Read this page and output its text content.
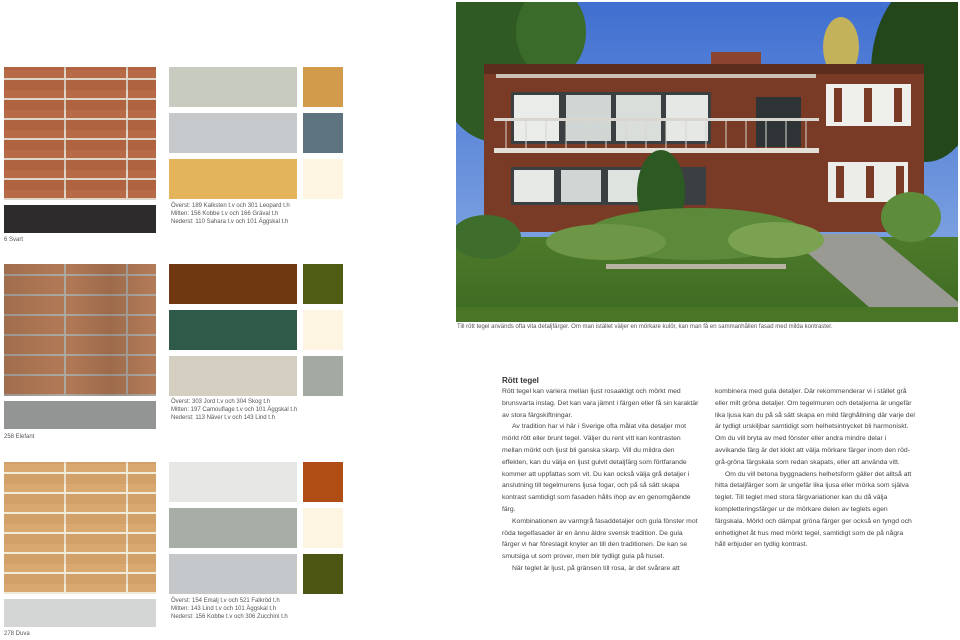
Överst: 189 Kalksten t.v och 301 Leopard t.h
Mitten: 156 Kobbe t.v och 166 Gräval t.h
Nederst: 110 Sahara t.v och 101 Äggskal t.h
6 Svart
Överst: 303 Jord t.v och 304 Skog t.h
Mitten: 197 Camouflage t.v och 101 Äggskal t.h
Nederst: 113 Näver t.v och 143 Lind t.h
258 Elefant
Överst: 154 Emalj t.v och 521 Falkröd t.h
Mitten: 143 Lind t.v och 101 Äggskal t.h
Nederst: 156 Kobbe t.v och 306 Zucchini t.h
278 Duva
Till rött tegel används ofta vita detaljfärger. Om man istället väljer en mörkare kulör, kan man få en sammanhållen fasad med milda kontraster.
Rött tegel

Rött tegel kan variera mellan ljust rosaaktigt och mörkt med brunsvarta inslag. Det kan vara jämnt i färgen eller få sin karaktär av stora färgskiftningar.

Av tradition har vi här i Sverige ofta målat vita detaljer mot mörkt rött eller brunt tegel. Väljer du rent vitt kan kontrasten mellan mörkt och ljust bli ganska skarp. Vill du mildra den effekten, kan du välja en ljust gulvit detaljfärg som förtfarande kommer att uppfattas som vit. Du kan också välja grå detaljer i anslutning till tegelmurens ljusa fogar, och på så sätt skapa kontrast samtidigt som fasaden hålls ihop av en genomgående färg.

Kombinationen av varmgrå fasaddetaljer och gula fönster mot röda tegelfasader är en ännu äldre svensk tradition. De gula färger vi har föreslagit knyter an till den traditionen. De kan se smutsiga ut som prover, men blir tydligt gula på huset.

När teglet är ljust, på gränsen till rosa, är det svårare att

kombinera med gula detaljer. Där rekommenderar vi i stället grå eller milt gröna detaljer. Om tegelmuren och detaljerna är ungefär lika ljusa kan du på så sätt skapa en mild färghållning där varje del är tydligt urskiljbar samtidigt som helhetsintrycket bli harmoniskt. Om du vill bryta av med fönster eller andra mindre delar i avvikande färg är det klokt att välja mörkare färger inom den röd-grå-gröna färgskala som redan skapats, eller att använda vitt.

Om du vill betona byggnadens helhetsform gäller det alltså att hitta detaljfärger som är ungefär lika ljusa eller mörka som själva teglet. Till teglet med stora färgvariationer kan du då välja kompletteringsfärger ur de mörkare delen av teglets egen färgskala. Mörkt och dämpat gröna färger ger också en tyngd och enhetlighet åt hus med mörkt tegel, samtidigt som de på några håll erbjuder en tydlig kontrast.
